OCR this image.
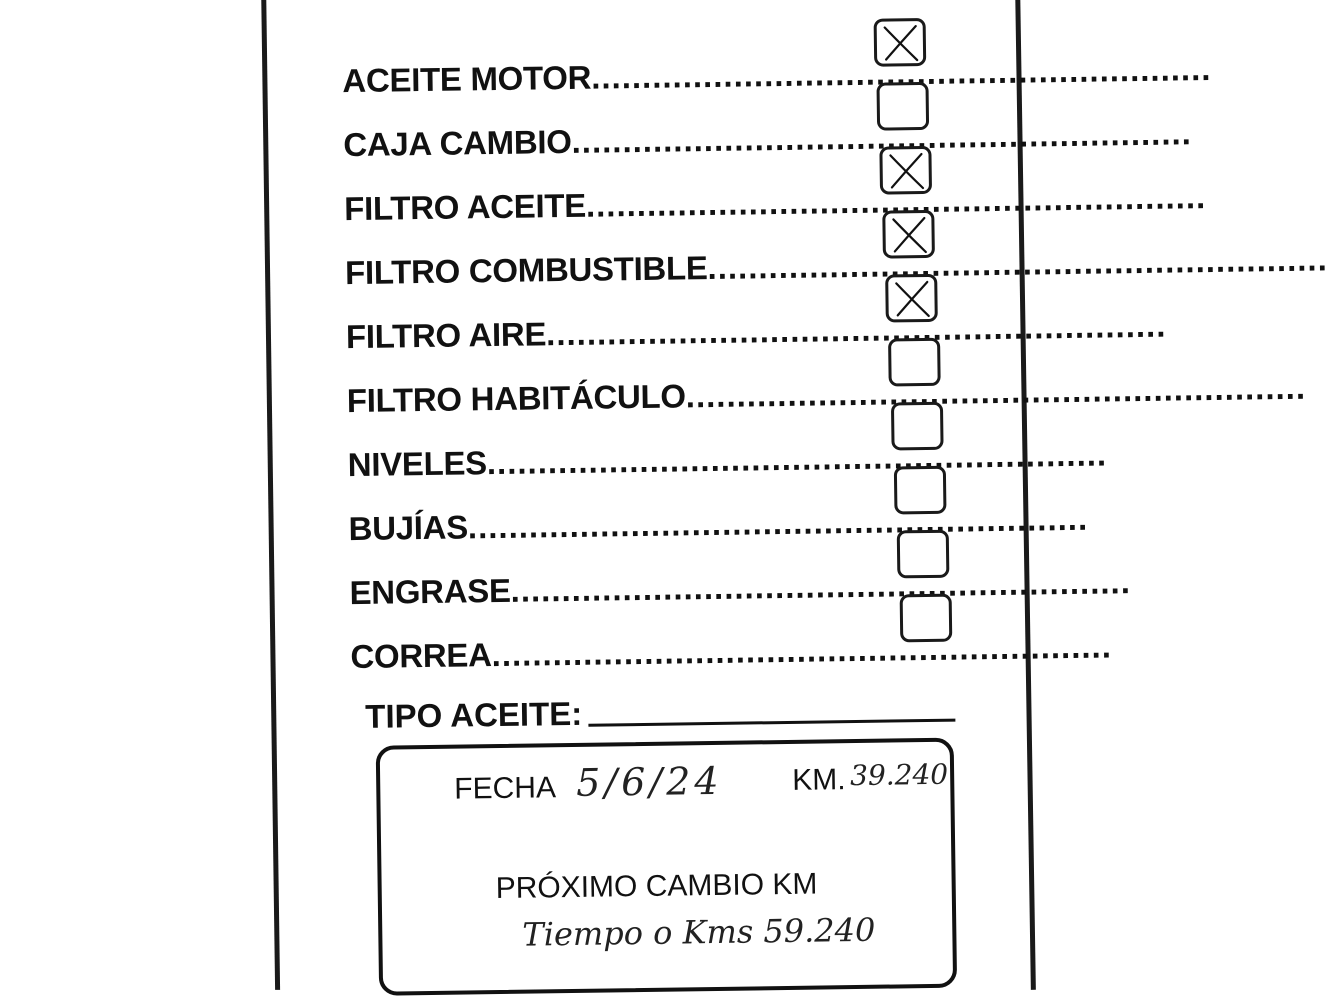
ACEITE MOTOR .............................................................
CAJA CAMBIO .............................................................
FILTRO ACEITE .............................................................
FILTRO COMBUSTIBLE .............................................................
FILTRO AIRE .............................................................
FILTRO HABITÁCULO .............................................................
NIVELES .............................................................
BUJÍAS .............................................................
ENGRASE .............................................................
CORREA .............................................................
TIPO ACEITE:
FECHA 5/6/24 KM. 39.240
PRÓXIMO CAMBIO KM
Tiempo o Kms 59.240
